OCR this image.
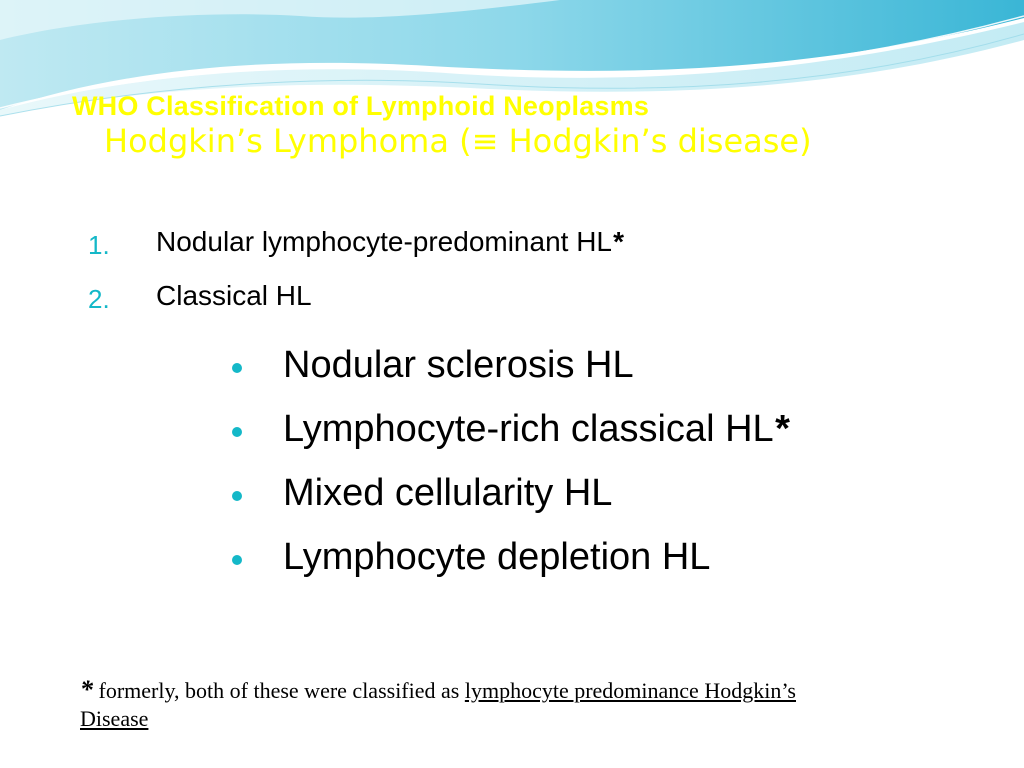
WHO Classification of Lymphoid Neoplasms
Hodgkin’s Lymphoma (≡ Hodgkin’s disease)
1.	Nodular lymphocyte-predominant HL*
2.	Classical HL
Nodular sclerosis HL
Lymphocyte-rich classical HL*
Mixed cellularity HL
Lymphocyte depletion HL
* formerly, both of these were classified as lymphocyte predominance Hodgkin’s
Disease
